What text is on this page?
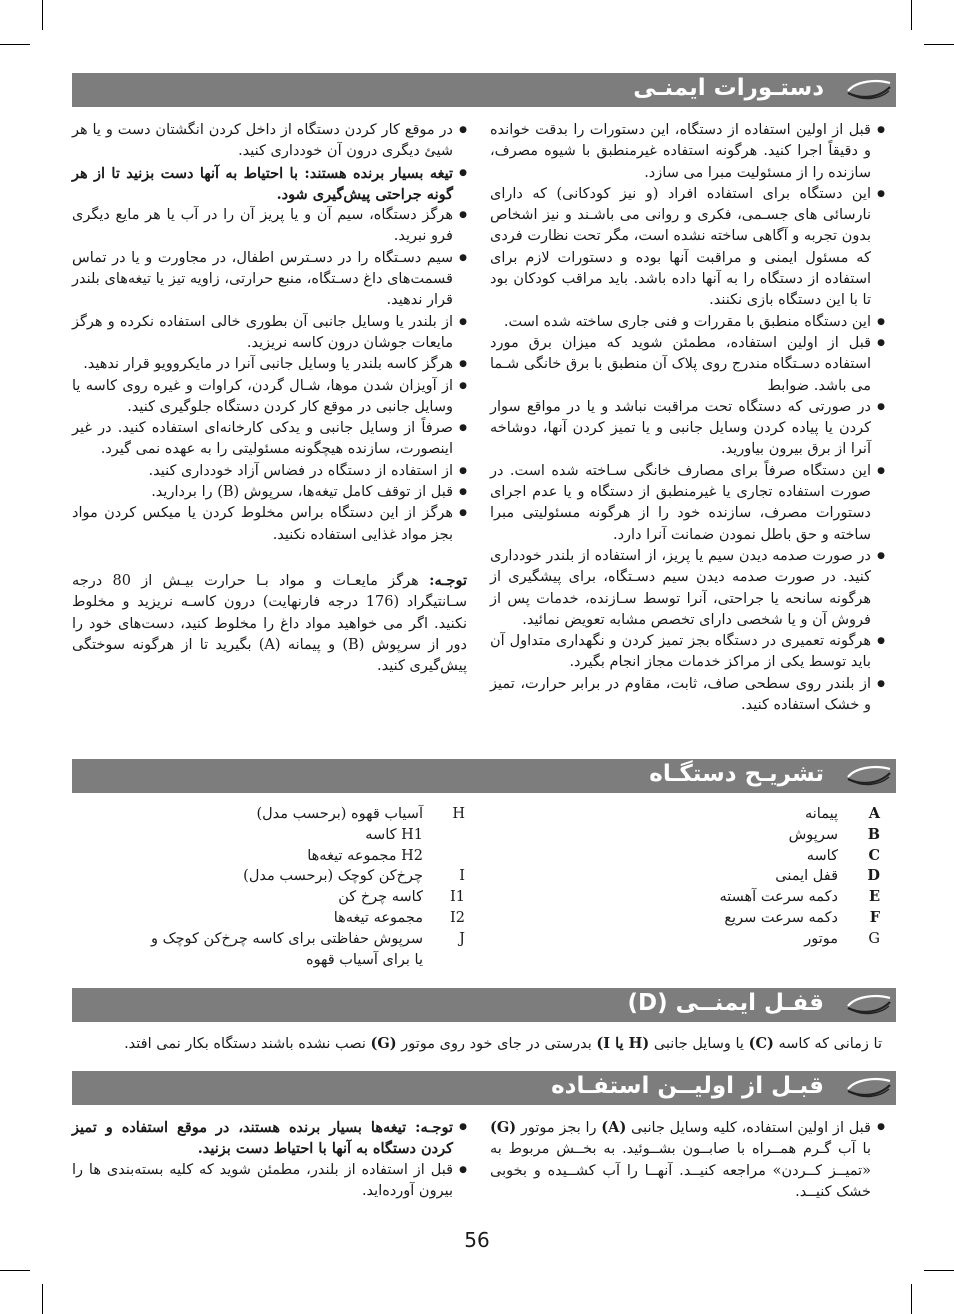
دستـورات ایمنـی
● قبل از اولین استفاده از دستگاه، این دستورات را بدقت خوانده و دقیقاً اجرا کنید. هرگونه استفاده غیرمنطبق با شیوه مصرف، سازنده را از مسئولیت مبرا می سازد.
● این دستگاه برای استفاده افراد (و نیز کودکانی) که دارای نارسائی های جسـمی، فکری و روانی می باشـند و نیز اشخاص بدون تجربه و آگاهی ساخته نشده است، مگر تحت نظارت فردی که مسئول ایمنی و مراقبت آنها بوده و دستورات لازم برای استفاده از دستگاه را به آنها داده باشد. باید مراقب کودکان بود تا با این دستگاه بازی نکنند.
● این دستگاه منطبق با مقررات و فنی جاری ساخته شده است.
● قبل از اولین استفاده، مطمئن شوید که میزان برق مورد استفاده دسـتگاه مندرج روی پلاک آن منطبق با برق خانگی شـما می باشد. ضوابط
● در صورتی که دستگاه تحت مراقبت نباشد و یا در مواقع سوار کردن یا پیاده کردن وسایل جانبی و یا تمیز کردن آنها، دوشاخه آنرا از برق بیرون بیاورید.
● این دستگاه صرفاً برای مصارف خانگی سـاخته شده است. در صورت استفاده تجاری یا غیرمنطبق از دستگاه و یا عدم اجرای دستورات مصرف، سازنده خود را از هرگونه مسئولیتی مبرا ساخته و حق باطل نمودن ضمانت آنرا دارد.
● در صورت صدمه دیدن سیم یا پریز، از استفاده از بلندر خودداری کنید. در صورت صدمه دیدن سیم دسـتگاه، برای پیشگیری از هرگونه سانحه یا جراحتی، آنرا توسط سـازنده، خدمات پس از فروش آن و یا شخصی دارای تخصص مشابه تعویض نمائید.
● هرگونه تعمیری در دستگاه بجز تمیز کردن و نگهداری متداول آن باید توسط یکی از مراکز خدمات مجاز انجام بگیرد.
● از بلندر روی سطحی صاف، ثابت، مقاوم در برابر حرارت، تمیز و خشک استفاده کنید.
● در موقع کار کردن دستگاه از داخل کردن انگشتان دست و یا هر شیئ دیگری درون آن خودداری کنید.
● تیغه بسیار برنده هستند: با احتیاط به آنها دست بزنید تا از هر گونه جراحتی پیش‌گیری شود.
● هرگز دستگاه، سیم آن و یا پریز آن را در آب یا هر مایع دیگری فرو نبرید.
● سیم دسـتگاه را در دسـترس اطفال، در مجاورت و یا در تماس قسمت‌های داغ دسـتگاه، منبع حرارتی، زاویه تیز یا تیغه‌های بلندر قرار ندهید.
● از بلندر یا وسایل جانبی آن بطوری خالی استفاده نکرده و هرگز مایعات جوشان درون کاسه نریزید.
● هرگز کاسه بلندر یا وسایل جانبی آنرا در مایکروویو قرار ندهید.
● از آویزان شدن موها، شـال گردن، کراوات و غیره روی کاسه یا وسایل جانبی در موقع کار کردن دستگاه جلوگیری کنید.
● صرفاً از وسایل جانبی و یدکی کارخانه‌ای استفاده کنید. در غیر اینصورت، سازنده هیچگونه مسئولیتی را به عهده نمی گیرد.
● از استفاده از دستگاه در فضاس آزاد خودداری کنید.
● قبل از توقف کامل تیغه‌ها، سرپوش (B) را بردارید.
● هرگز از این دستگاه براس مخلوط کردن یا میکس کردن مواد بجز مواد غذایی استفاده نکنید.

توجـه: هرگز مایعـات و مواد بـا حرارت بیـش از 80 درجه سـانتیگراد (176 درجه فارنهایت) درون کاسـه نریزید و مخلوط نکنید. اگر می خواهید مواد داغ را مخلوط کنید، دست‌های خود را دور از سرپوش (B) و پیمانه (A) بگیرید تا از هرگونه سوختگی پیش‌گیری کنید.

تشریـح دستگـاه
A
پیمانه
B
سرپوش
C
کاسه
D
قفل ایمنی
E
دکمه سرعت آهسته
F
دکمه سرعت سریع
G
موتور
H
آسیاب قهوه (برحسب مدل)
H1 کاسه
H2 مجموعه تیغه‌ها
I
چرخ‌کن کوچک (برحسب مدل)
I1
کاسه چرخ کن
I2
مجموعه تیغه‌ها
J
سرپوش حفاظتی برای کاسه چرخ‌کن کوچک و یا برای آسیاب قهوه
قفـل ایمنــی (D)
تا زمانی که کاسه (C) یا وسایل جانبی (H یا I) بدرستی در جای خود روی موتور (G) نصب نشده باشند دستگاه بکار نمی افتد.
قبـل از اولیــن استفـاده
● قبل از اولین استفاده، کلیه وسایل جانبی (A) را بجز موتور (G) با آب گـرم همــراه با صابــون بشــوئید. به بخــش مربوط به «تمیــز کــردن» مراجعه کنیــد. آنهــا را آب کشــیده و بخوبی خشک کنیــد.
● توجـه: تیغه‌ها بسیار برنده هستند، در موقع استفاده و تمیز کردن دستگاه به آنها با احتیاط دست بزنید.
● قبل از استفاده از بلندر، مطمئن شوید که کلیه بسته‌بندی ها را بیرون آورده‌اید.
56
